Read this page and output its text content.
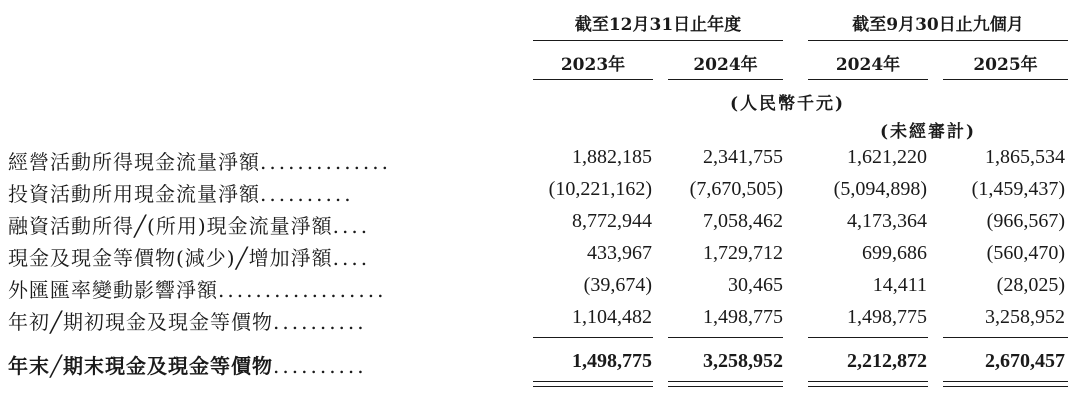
截至12月31日止年度	截至9月30日止九個月
2023年	2024年	2024年	2025年
(人民幣千元)
(未經審計)
經營活動所得現金流量淨額..............	1,882,185	2,341,755	1,621,220	1,865,534
投資活動所用現金流量淨額..........	(10,221,162)	(7,670,505)	(5,094,898)	(1,459,437)
融資活動所得╱(所用)現金流量淨額....	8,772,944	7,058,462	4,173,364	(966,567)
現金及現金等價物(減少)╱增加淨額....	433,967	1,729,712	699,686	(560,470)
外匯匯率變動影響淨額..................	(39,674)	30,465	14,411	(28,025)
年初╱期初現金及現金等價物..........	1,104,482	1,498,775	1,498,775	3,258,952
年末╱期末現金及現金等價物..........	1,498,775	3,258,952	2,212,872	2,670,457
